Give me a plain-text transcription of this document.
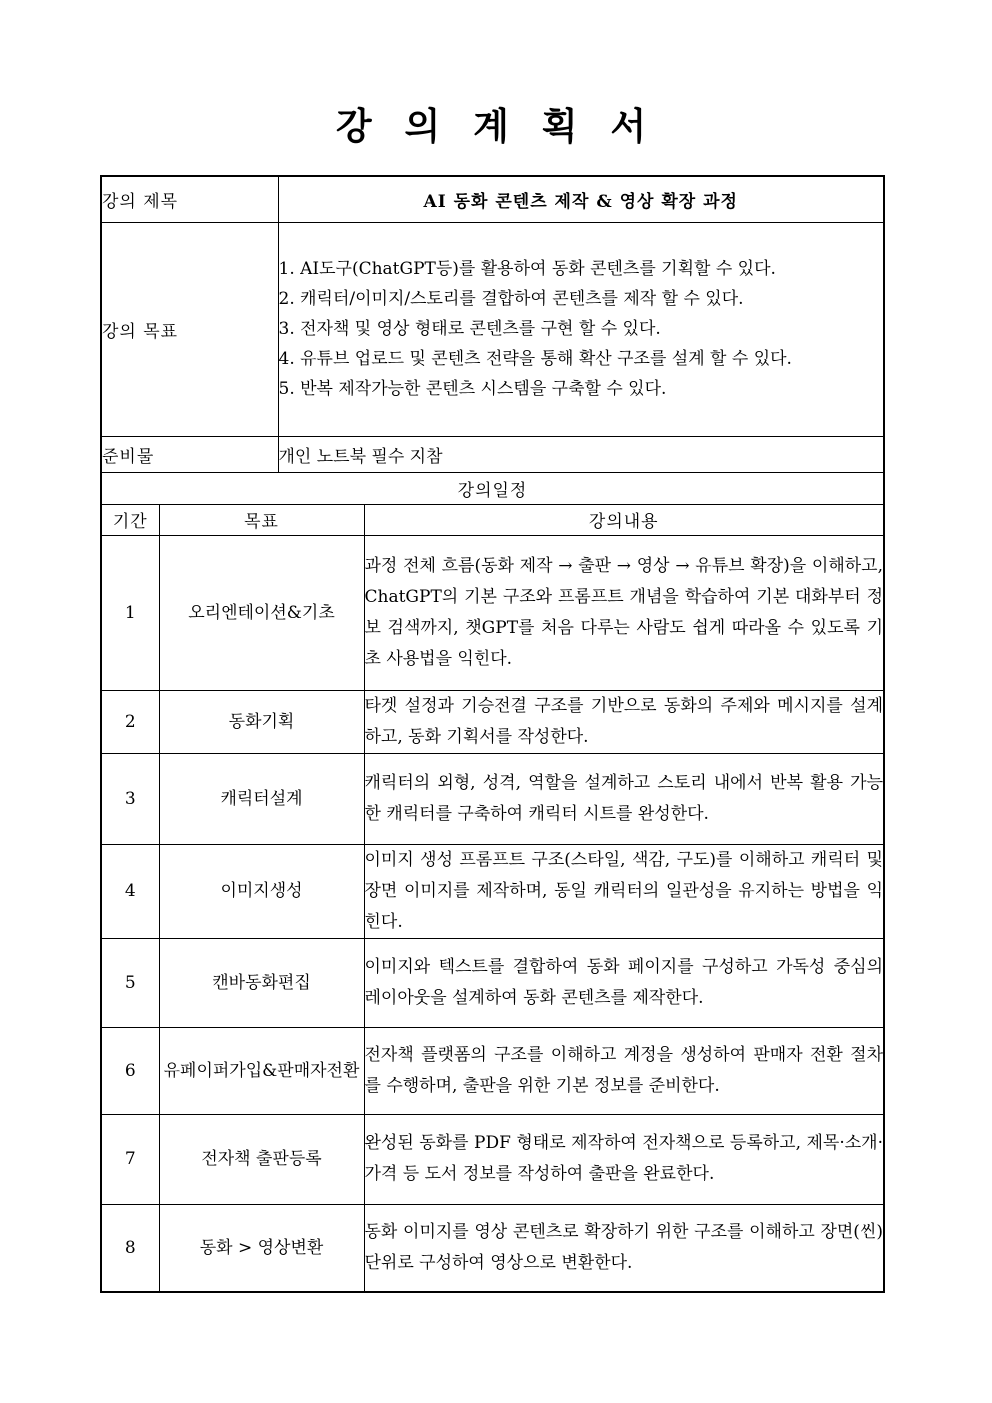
강 의 계 획 서
강의 제목		AI 동화 콘텐츠 제작 & 영상 확장 과정	
강의 목표		1. AI도구(ChatGPT등)를 활용하여 동화 콘텐츠를 기획할 수 있다.
2. 캐릭터/이미지/스토리를 결합하여 콘텐츠를 제작 할 수 있다.
3. 전자책 및 영상 형태로 콘텐츠를 구현 할 수 있다.
4. 유튜브 업로드 및 콘텐츠 전략을 통해 확산 구조를 설계 할 수 있다.
5. 반복 제작가능한 콘텐츠 시스템을 구축할 수 있다.	

준비물		개인 노트북 필수 지참	
강의일정			
기간	목표		강의내용
1	오리엔테이션&기초		과정 전체 흐름(동화 제작 → 출판 → 영상 → 유튜브 확장)을 이해하고, ChatGPT의 기본 구조와 프롬프트 개념을 학습하여 기본 대화부터 정보 검색까지, 챗GPT를 처음 다루는 사람도 쉽게 따라올 수 있도록 기초 사용법을 익힌다.
2	동화기획		타겟 설정과 기승전결 구조를 기반으로 동화의 주제와 메시지를 설계하고, 동화 기획서를 작성한다.
3	캐릭터설계		캐릭터의 외형, 성격, 역할을 설계하고 스토리 내에서 반복 활용 가능한 캐릭터를 구축하여 캐릭터 시트를 완성한다.
4	이미지생성		이미지 생성 프롬프트 구조(스타일, 색감, 구도)를 이해하고 캐릭터 및 장면 이미지를 제작하며, 동일 캐릭터의 일관성을 유지하는 방법을 익힌다.
5	캔바동화편집		이미지와 텍스트를 결합하여 동화 페이지를 구성하고 가독성 중심의 레이아웃을 설계하여 동화 콘텐츠를 제작한다.
6	유페이퍼가입&판매자전환		전자책 플랫폼의 구조를 이해하고 계정을 생성하여 판매자 전환 절차를 수행하며, 출판을 위한 기본 정보를 준비한다.
7	전자책 출판등록		완성된 동화를 PDF 형태로 제작하여 전자책으로 등록하고, 제목·소개·가격 등 도서 정보를 작성하여 출판을 완료한다.
8	동화 > 영상변환		동화 이미지를 영상 콘텐츠로 확장하기 위한 구조를 이해하고 장면(씬) 단위로 구성하여 영상으로 변환한다.
